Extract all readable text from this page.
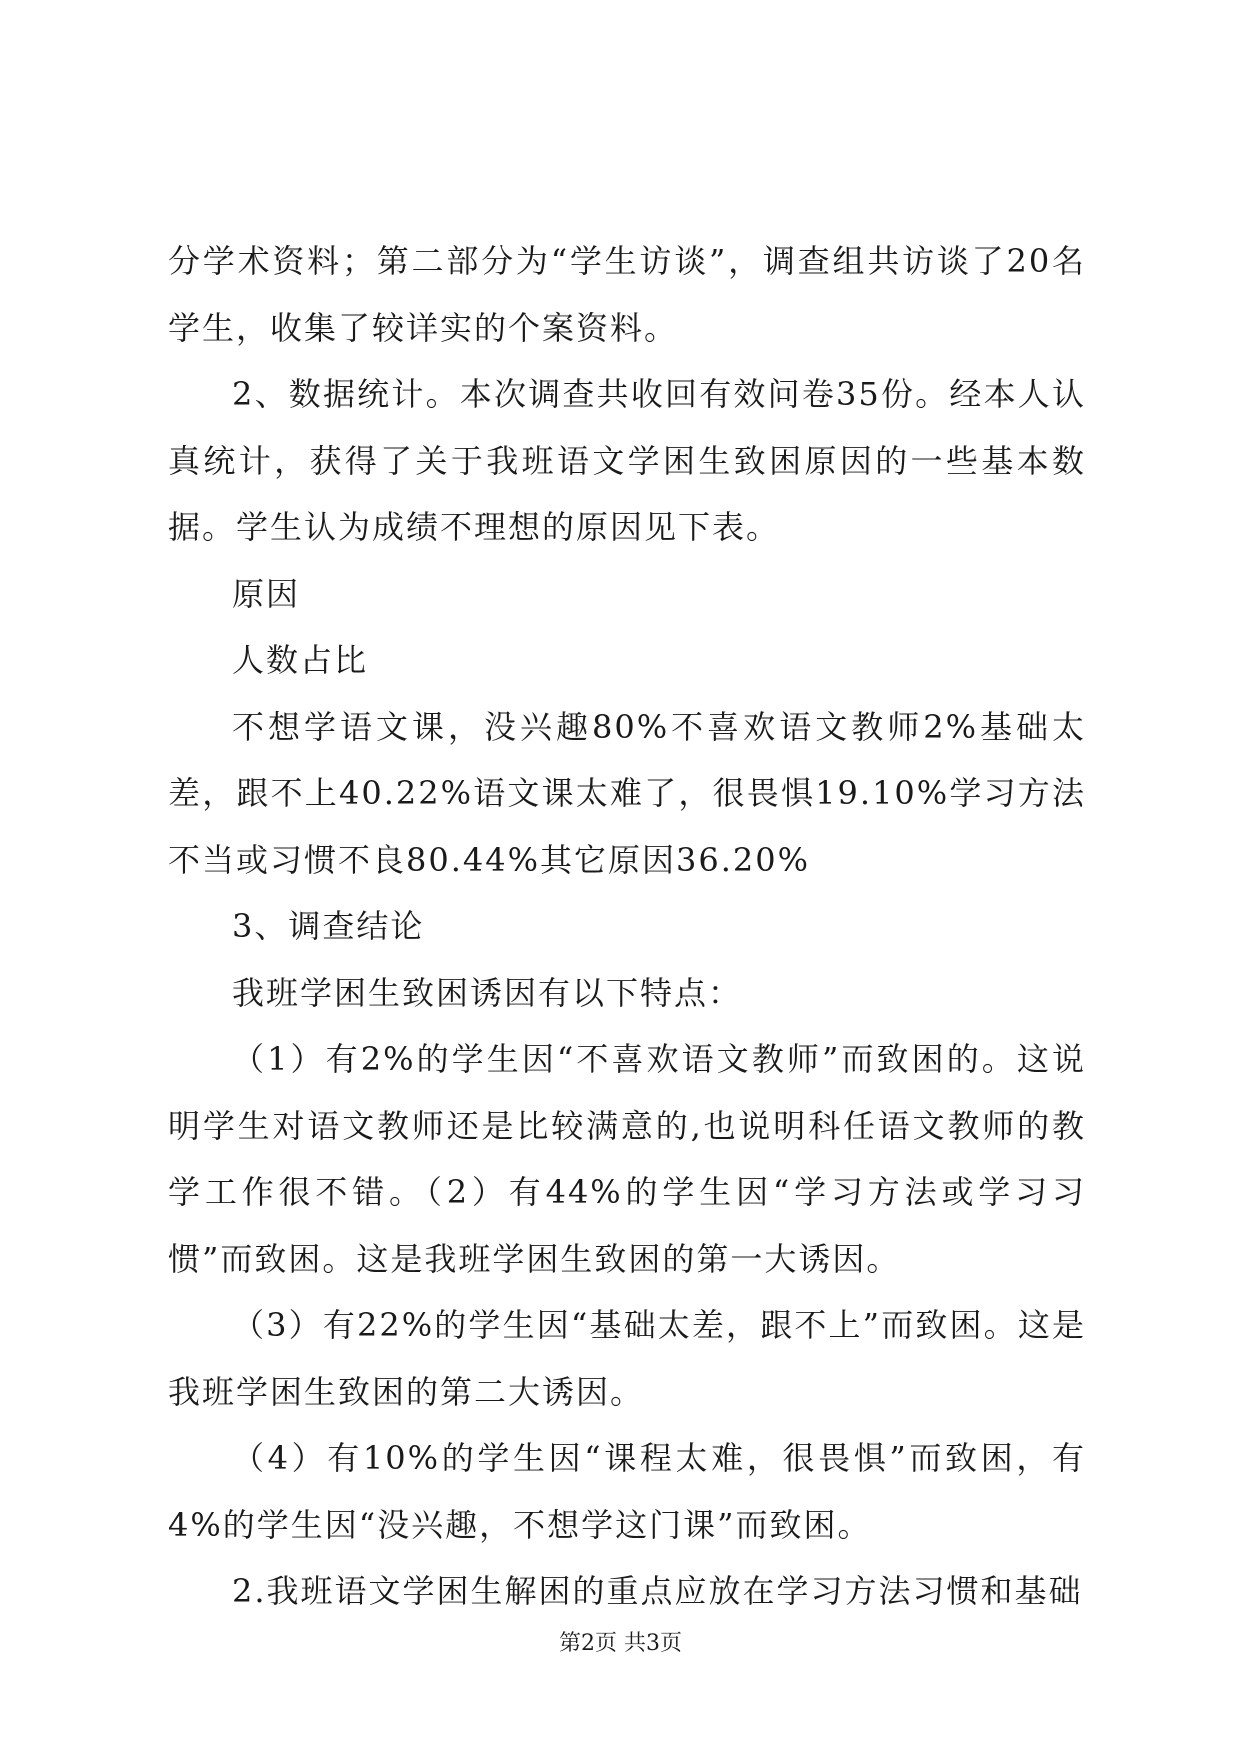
分学术资料；第二部分为“学生访谈”，调查组共访谈了20名学生，收集了较详实的个案资料。

2、数据统计。本次调查共收回有效问卷35份。经本人认真统计，获得了关于我班语文学困生致困原因的一些基本数据。学生认为成绩不理想的原因见下表。

原因

人数占比

不想学语文课，没兴趣80%不喜欢语文教师2%基础太差，跟不上40.22%语文课太难了，很畏惧19.10%学习方法不当或习惯不良80.44%其它原因36.20%

3、调查结论

我班学困生致困诱因有以下特点：

（1）有2%的学生因“不喜欢语文教师”而致困的。这说明学生对语文教师还是比较满意的,也说明科任语文教师的教学工作很不错。（2）有44%的学生因“学习方法或学习习惯”而致困。这是我班学困生致困的第一大诱因。

（3）有22%的学生因“基础太差，跟不上”而致困。这是我班学困生致困的第二大诱因。

（4）有10%的学生因“课程太难，很畏惧”而致困，有4%的学生因“没兴趣，不想学这门课”而致困。

2.我班语文学困生解困的重点应放在学习方法习惯和基础

第2页 共3页
